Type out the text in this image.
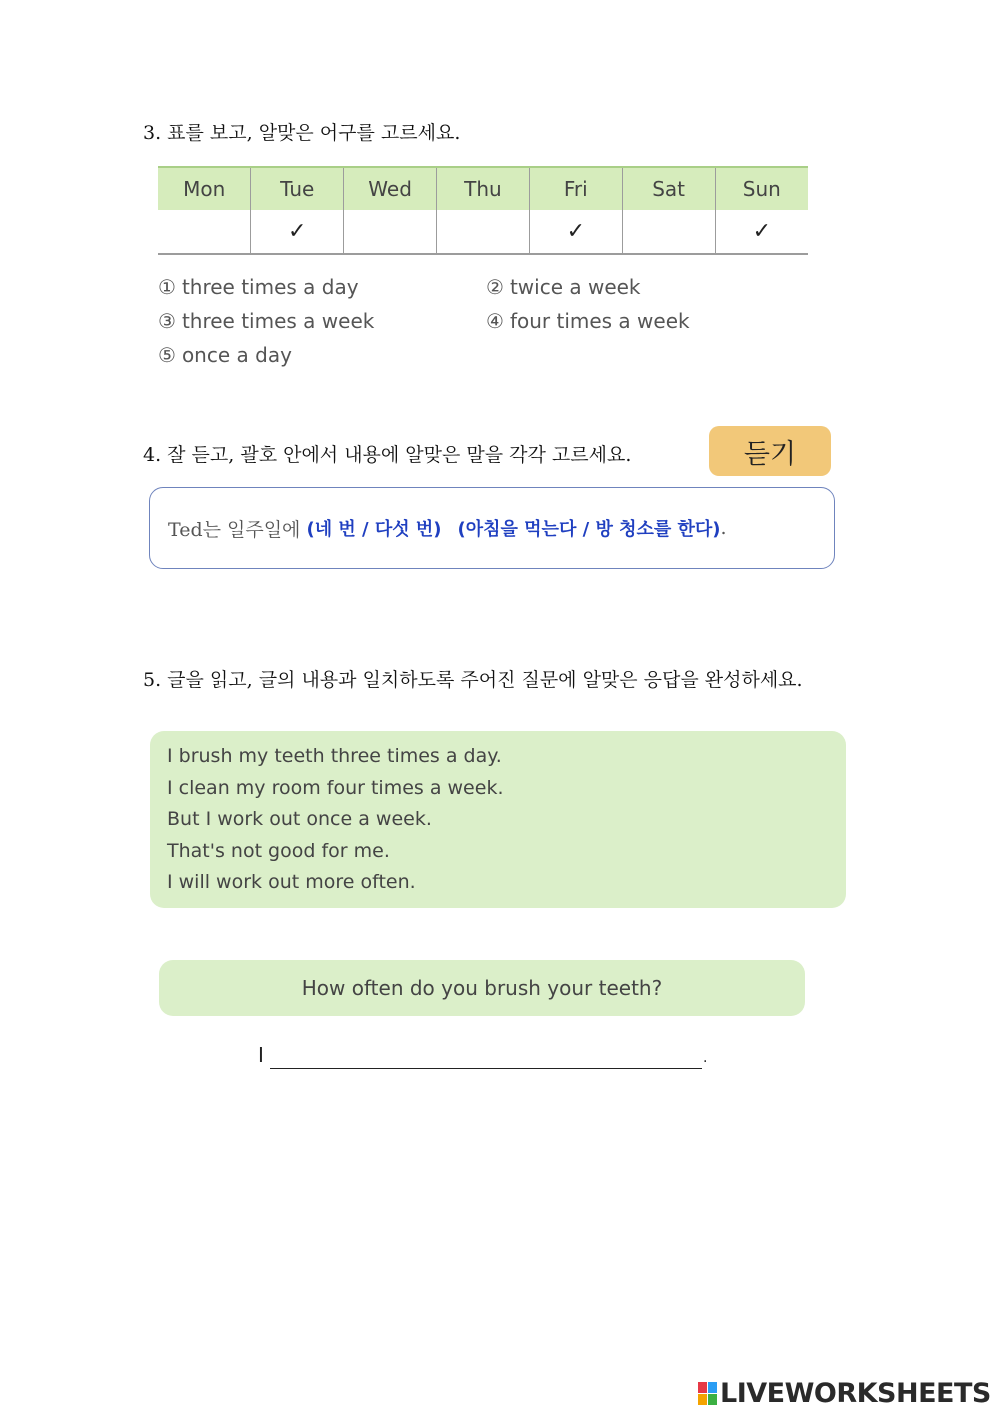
3. 표를 보고, 알맞은 어구를 고르세요.
Mon	Tue	Wed	Thu	Fri	Sat	Sun
	✓			✓		✓
① three times a day	② twice a week
③ three times a week	④ four times a week
⑤ once a day
4. 잘 듣고, 괄호 안에서 내용에 알맞은 말을 각각 고르세요.	듣기
Ted는 일주일에 (네 번 / 다섯 번) (아침을 먹는다 / 방 청소를 한다) .
5. 글을 읽고, 글의 내용과 일치하도록 주어진 질문에 알맞은 응답을 완성하세요.
I brush my teeth three times a day.
I clean my room four times a week.
But I work out once a week.
That's not good for me.
I will work out more often.
How often do you brush your teeth?
I	.
LIVEWORKSHEETS
